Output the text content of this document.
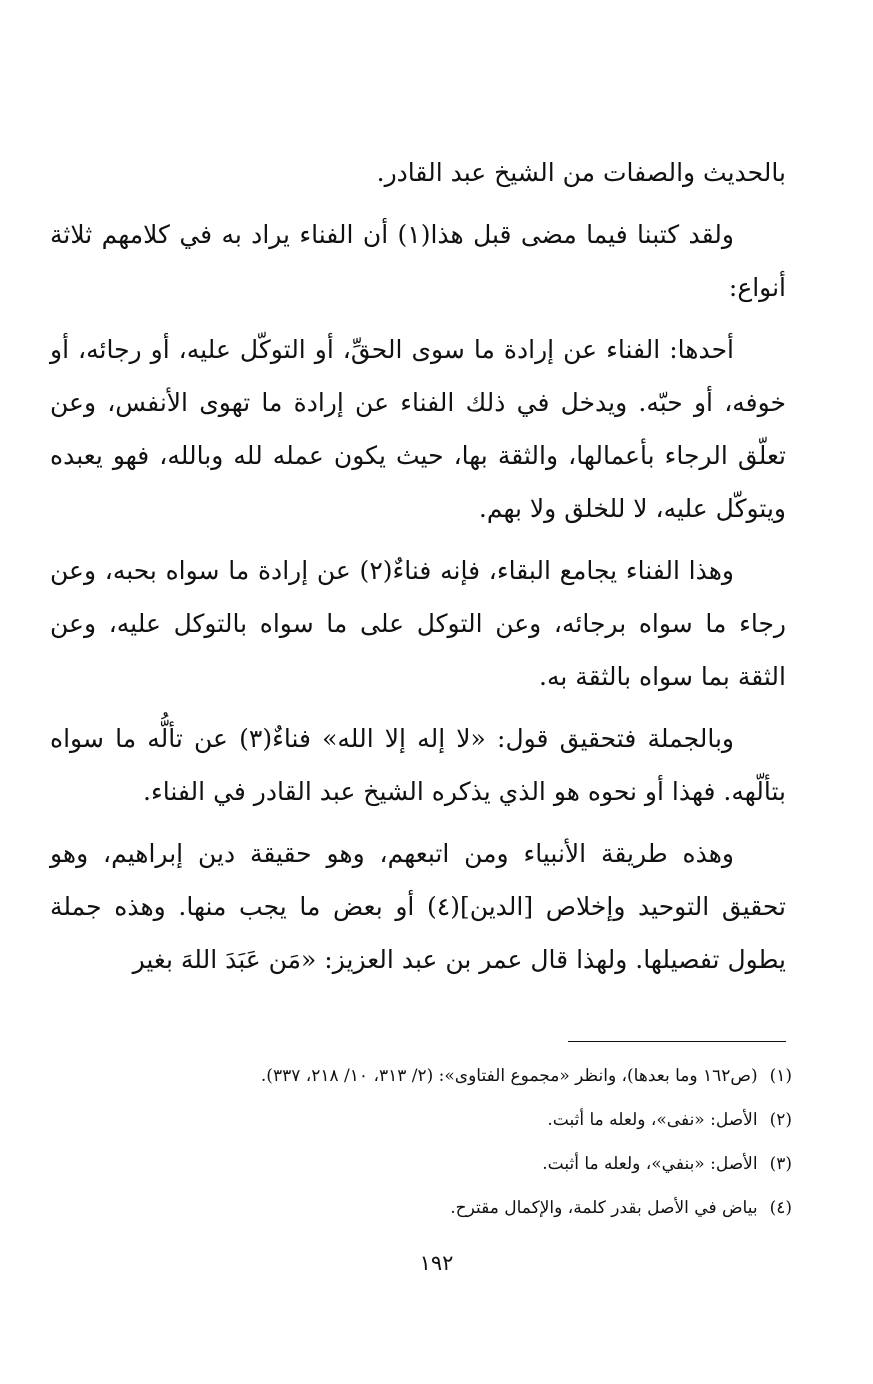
بالحديث والصفات من الشيخ عبد القادر.

ولقد كتبنا فيما مضى قبل هذا(١) أن الفناء يراد به في كلامهم ثلاثة أنواع:

أحدها: الفناء عن إرادة ما سوى الحقِّ، أو التوكّل عليه، أو رجائه، أو خوفه، أو حبّه. ويدخل في ذلك الفناء عن إرادة ما تهوى الأنفس، وعن تعلّق الرجاء بأعمالها، والثقة بها، حيث يكون عمله لله وبالله، فهو يعبده ويتوكّل عليه، لا للخلق ولا بهم.

وهذا الفناء يجامع البقاء، فإنه فناءٌ(٢) عن إرادة ما سواه بحبه، وعن رجاء ما سواه برجائه، وعن التوكل على ما سواه بالتوكل عليه، وعن الثقة بما سواه بالثقة به.

وبالجملة فتحقيق قول: «لا إله إلا الله» فناءٌ(٣) عن تألُّه ما سواه بتألّهه. فهذا أو نحوه هو الذي يذكره الشيخ عبد القادر في الفناء.

وهذه طريقة الأنبياء ومن اتبعهم، وهو حقيقة دين إبراهيم، وهو تحقيق التوحيد وإخلاص [الدين](٤) أو بعض ما يجب منها. وهذه جملة يطول تفصيلها. ولهذا قال عمر بن عبد العزيز: «مَن عَبَدَ اللهَ بغير

(١)(ص١٦٢ وما بعدها)، وانظر «مجموع الفتاوى»: (٢/ ٣١٣، ١٠/ ٢١٨، ٣٣٧).
(٢)الأصل: «نفى»، ولعله ما أثبت.
(٣)الأصل: «بنفي»، ولعله ما أثبت.
(٤)بياض في الأصل بقدر كلمة، والإكمال مقترح.
١٩٢
